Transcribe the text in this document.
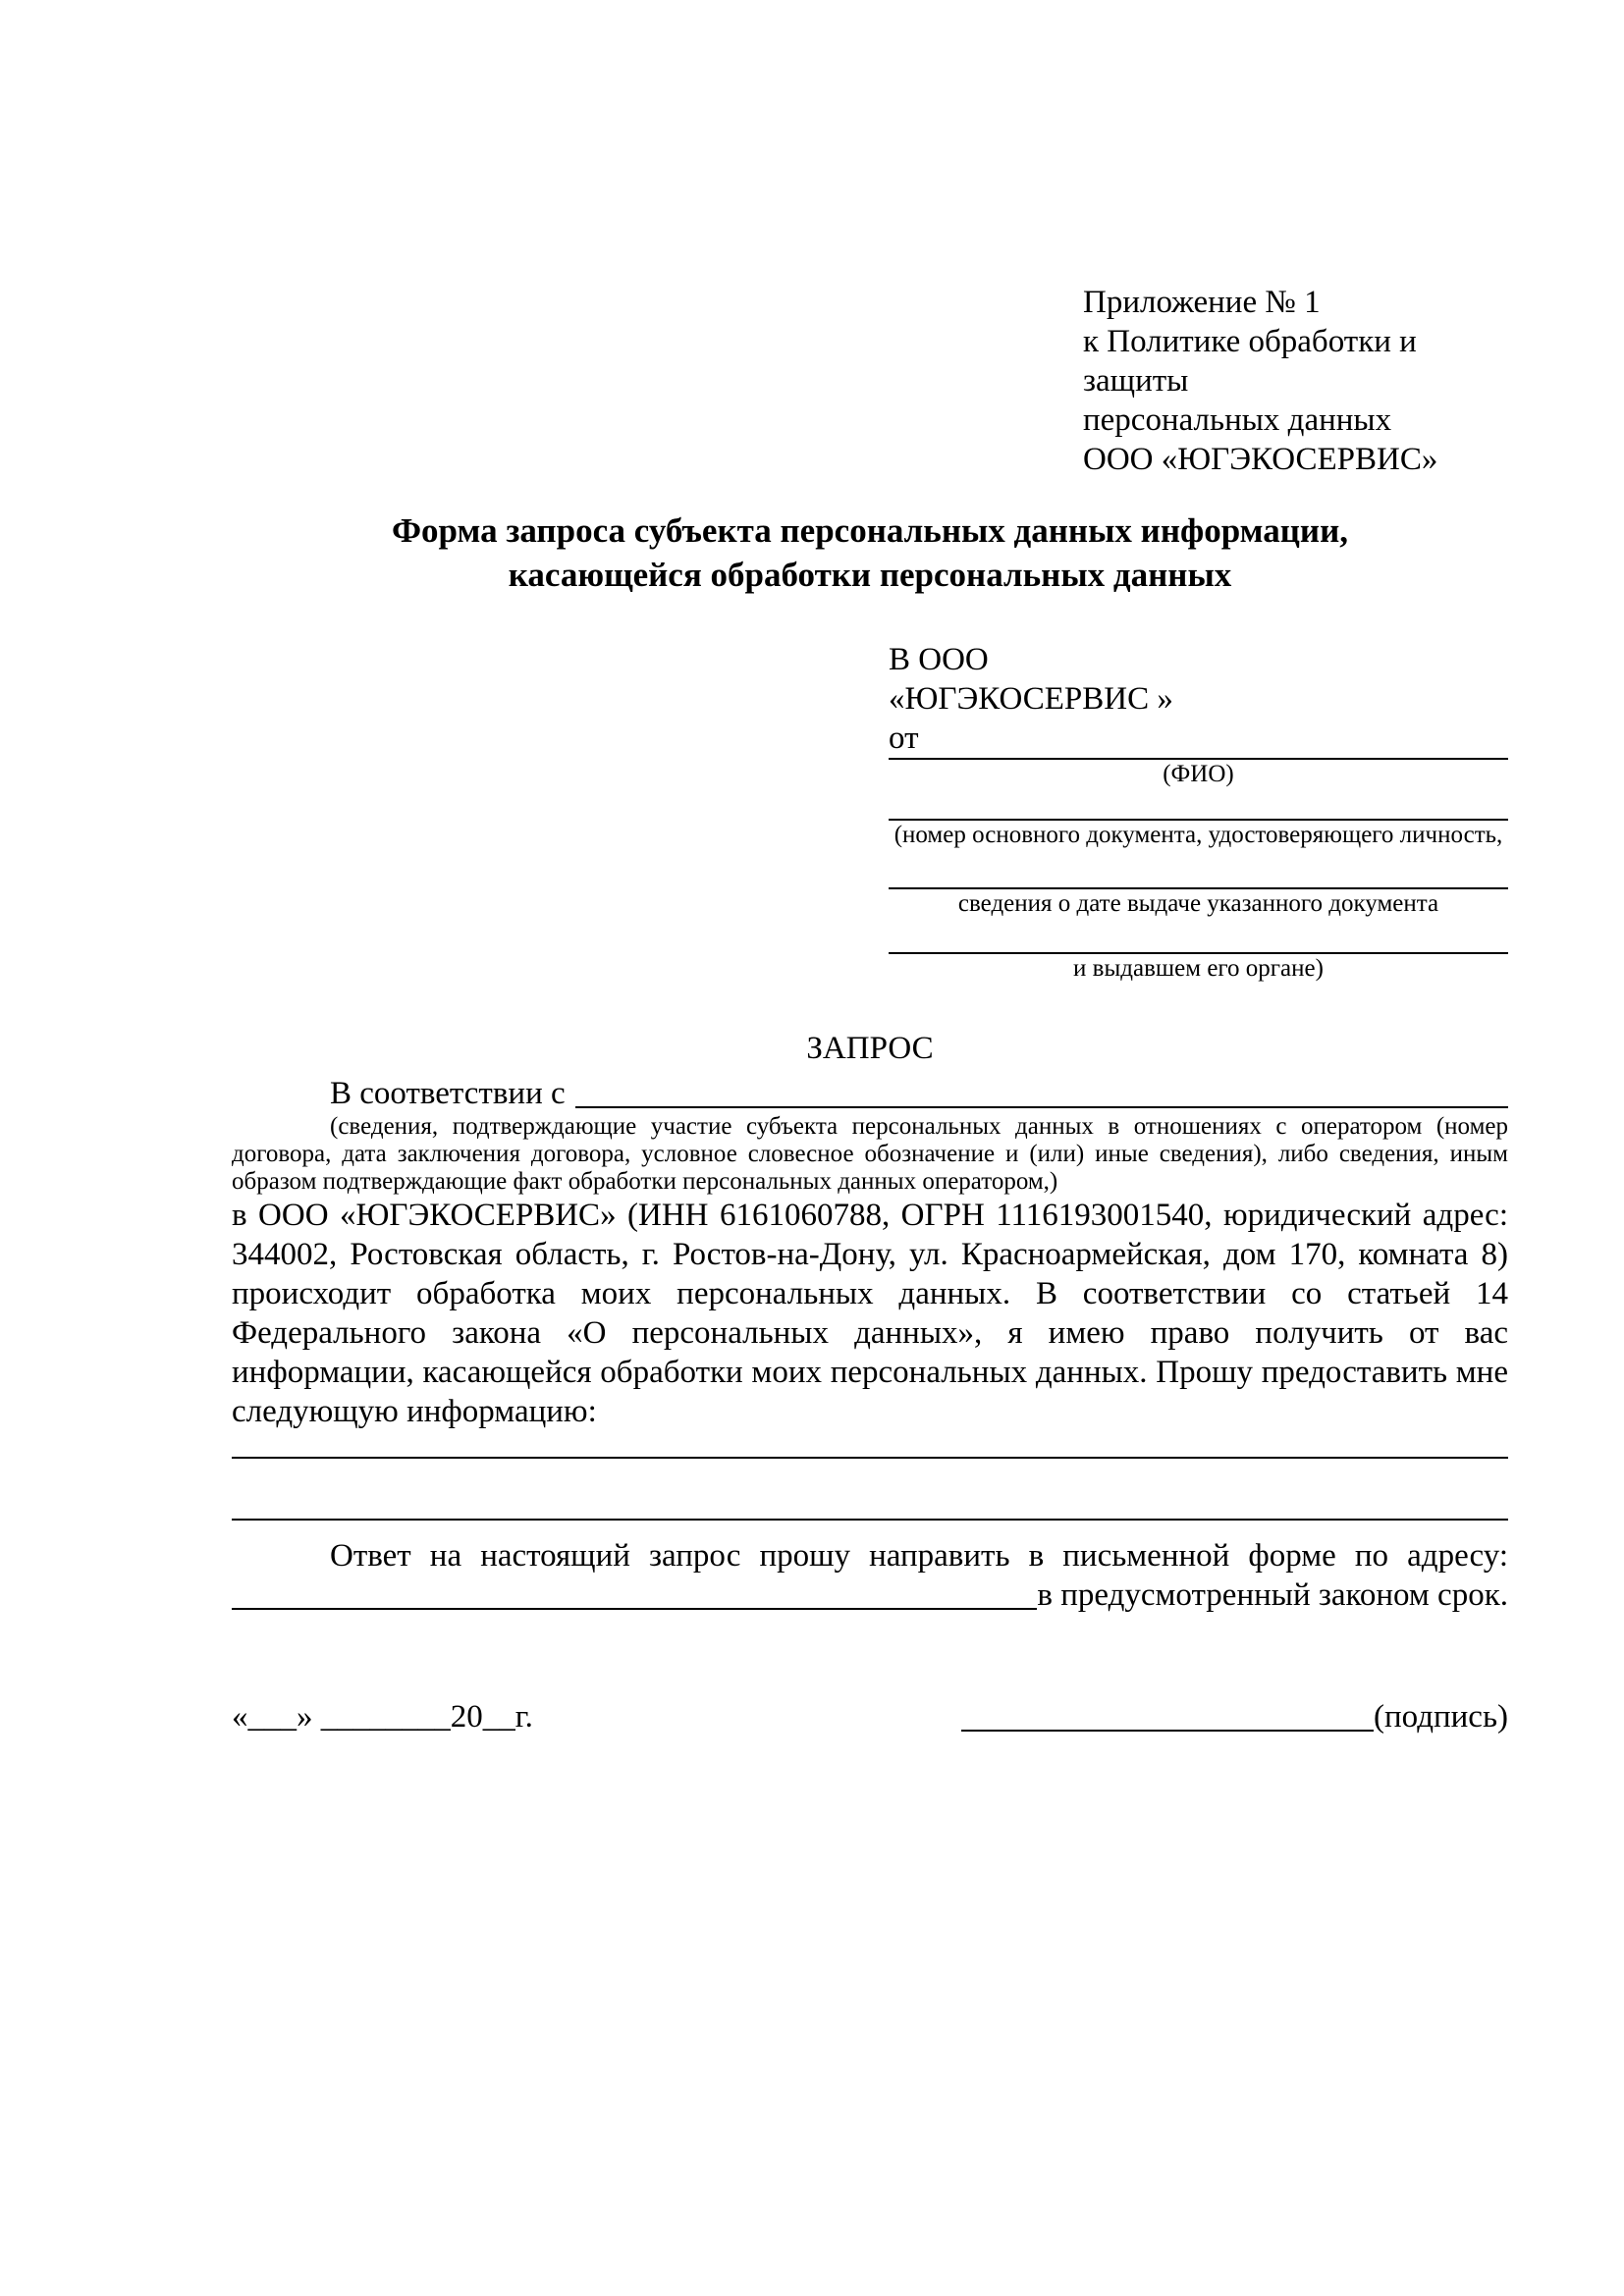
Приложение № 1
к Политике обработки и защиты
персональных данных
ООО «ЮГЭКОСЕРВИС»
Форма запроса субъекта персональных данных информации,
касающейся обработки персональных данных
В ООО
«ЮГЭКОСЕРВИС »
от
(ФИО)
(номер основного документа, удостоверяющего личность,
сведения о дате выдаче указанного документа
и выдавшем его органе)
ЗАПРОС
В соответствии с

(сведения, подтверждающие участие субъекта персональных данных в отношениях с оператором (номер договора, дата заключения договора, условное словесное обозначение и (или) иные сведения), либо сведения, иным образом подтверждающие факт обработки персональных данных оператором,)

в ООО «ЮГЭКОСЕРВИС» (ИНН 6161060788, ОГРН 1116193001540, юридический адрес: 344002, Ростовская область, г. Ростов-на-Дону, ул. Красноармейская, дом 170, комната 8) происходит обработка моих персональных данных. В соответствии со статьей 14 Федерального закона «О персональных данных», я имею право получить от вас информации, касающейся обработки моих персональных данных. Прошу предоставить мне следующую информацию:

Ответ на настоящий запрос прошу направить в письменной форме по адресу:

в предусмотренный законом срок.
«___» ________20__г.	(подпись)
